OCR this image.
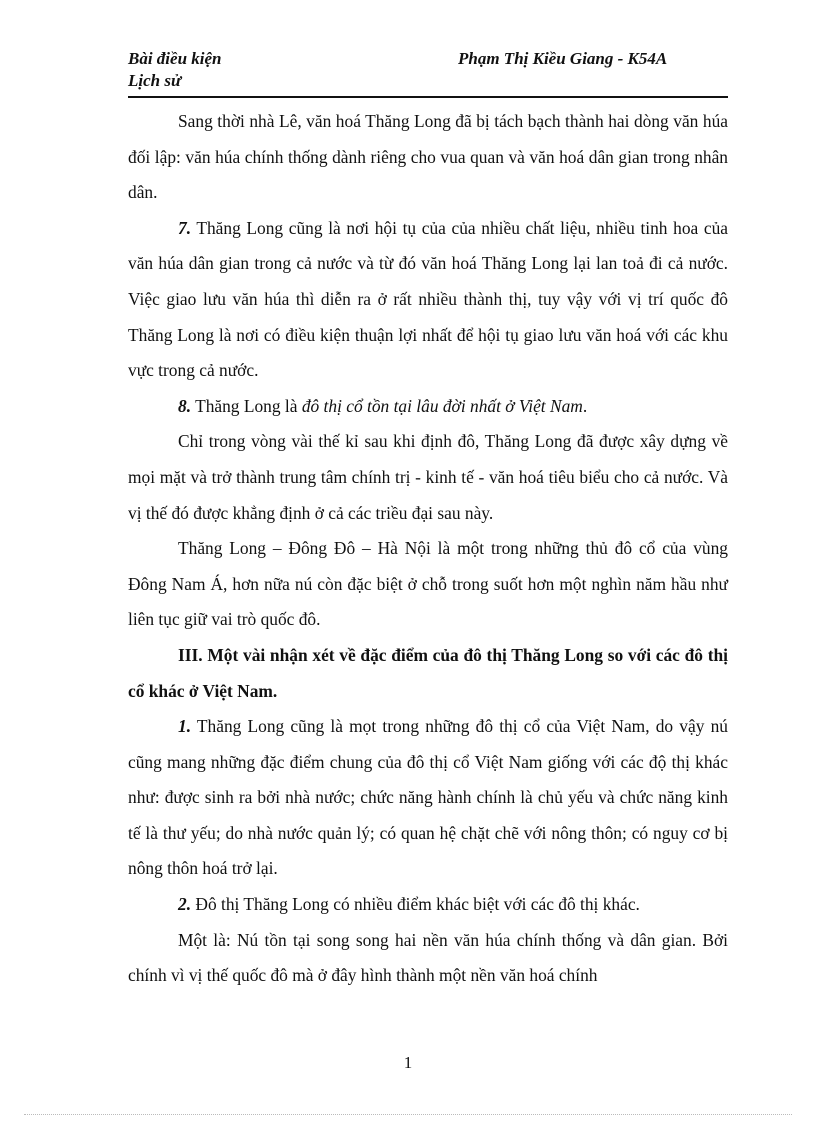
Bài điều kiện
Lịch sử
Phạm Thị Kiều Giang - K54A

Sang thời nhà Lê, văn hoá Thăng Long đã bị tách bạch thành hai dòng văn húa đối lập: văn húa chính thống dành riêng cho vua quan và văn hoá dân gian trong nhân dân.

7. Thăng Long cũng là nơi hội tụ của của nhiều chất liệu, nhiều tinh hoa của văn húa dân gian trong cả nước và từ đó văn hoá Thăng Long lại lan toả đi cả nước. Việc giao lưu văn húa thì diễn ra ở rất nhiều thành thị, tuy vậy với vị trí quốc đô Thăng Long là nơi có điều kiện thuận lợi nhất để hội tụ giao lưu văn hoá với các khu vực trong cả nước.

8. Thăng Long là đô thị cổ tồn tại lâu đời nhất ở Việt Nam.

Chỉ trong vòng vài thế kỉ sau khi định đô, Thăng Long đã được xây dựng về mọi mặt và trở thành trung tâm chính trị - kinh tế - văn hoá tiêu biểu cho cả nước. Và vị thế đó được khẳng định ở cả các triều đại sau này.

Thăng Long – Đông Đô – Hà Nội là một trong những thủ đô cổ của vùng Đông Nam Á, hơn nữa nú còn đặc biệt ở chỗ trong suốt hơn một nghìn năm hầu như liên tục giữ vai trò quốc đô.

III. Một vài nhận xét về đặc điểm của đô thị Thăng Long so với các đô thị cổ khác ở Việt Nam.

1. Thăng Long cũng là mọt trong những đô thị cổ của Việt Nam, do vậy nú cũng mang những đặc điểm chung của đô thị cổ Việt Nam giống với các độ thị khác như: được sinh ra bởi nhà nước; chức năng hành chính là chủ yếu và chức năng kinh tế là thư yếu; do nhà nước quản lý; có quan hệ chặt chẽ với nông thôn; có nguy cơ bị nông thôn hoá trở lại.

2. Đô thị Thăng Long có nhiều điểm khác biệt với các đô thị khác.

Một là: Nú tồn tại song song hai nền văn húa chính thống và dân gian. Bởi chính vì vị thế quốc đô mà ở đây hình thành một nền văn hoá chính

1
